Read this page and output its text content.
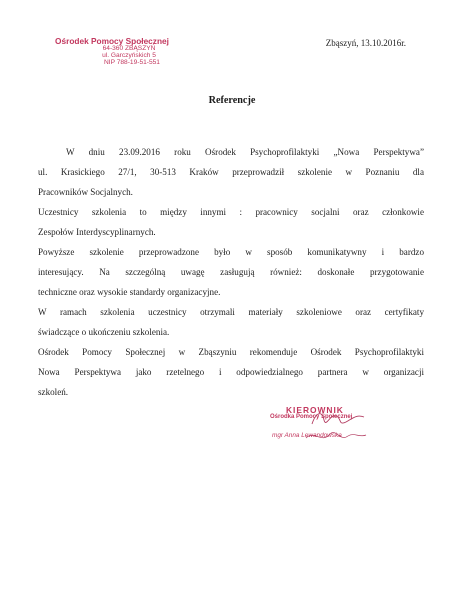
Ośrodek Pomocy Społecznej
64-360 ZBĄSZYŃ
ul. Garczyńskich 5
NIP 788-19-51-551
Zbąszyń, 13.10.2016r.
Referencje

W dniu 23.09.2016 roku Ośrodek Psychoprofilaktyki „Nowa Perspektywa”

ul. Krasickiego 27/1, 30-513 Kraków przeprowadził szkolenie w Poznaniu dla

Pracowników Socjalnych.

Uczestnicy szkolenia to między innymi : pracownicy socjalni oraz członkowie

Zespołów Interdyscyplinarnych.

Powyższe szkolenie przeprowadzone było w sposób komunikatywny i bardzo

interesujący. Na szczególną uwagę zasługują również: doskonałe przygotowanie

techniczne oraz wysokie standardy organizacyjne.

W ramach szkolenia uczestnicy otrzymali materiały szkoleniowe oraz certyfikaty

świadczące o ukończeniu szkolenia.

Ośrodek Pomocy Społecznej w Zbąszyniu rekomenduje Ośrodek Psychoprofilaktyki

Nowa Perspektywa jako rzetelnego i odpowiedzialnego partnera w organizacji

szkoleń.

KIEROWNIK
Ośrodka Pomocy Społecznej
mgr Anna Lewandowska
